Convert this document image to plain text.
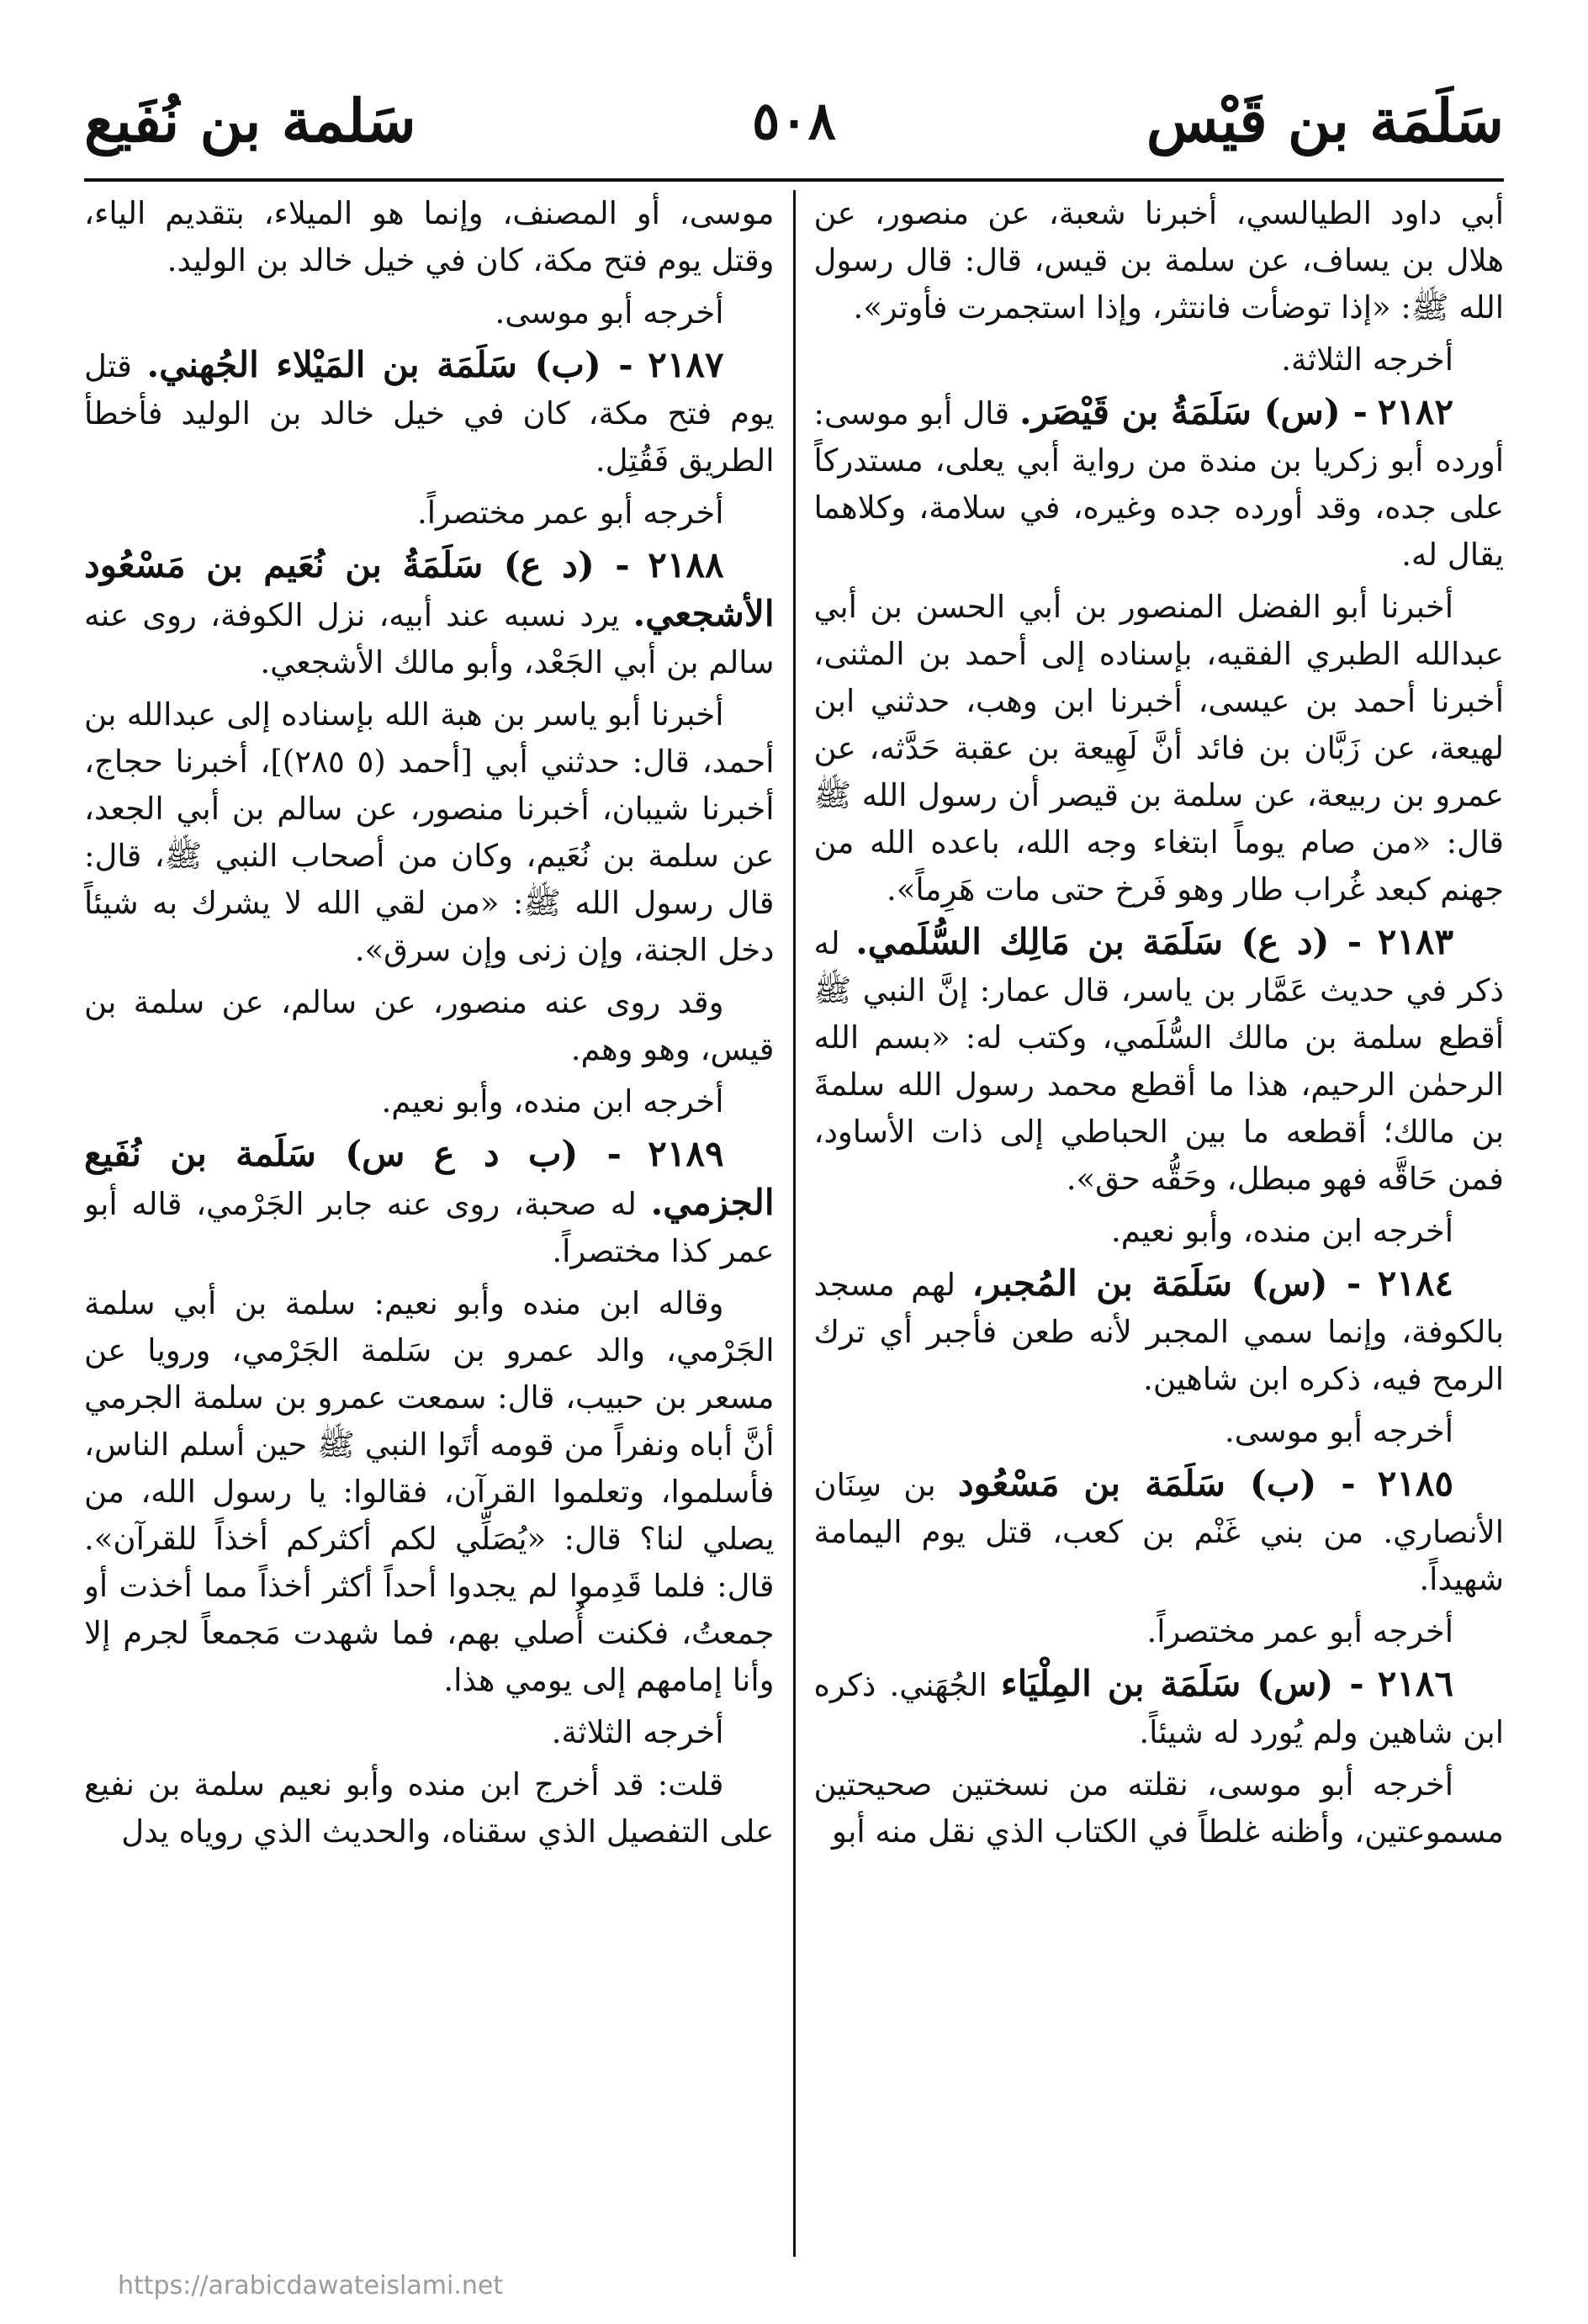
سَلَمَة بن قَيْس
٥٠٨
سَلمة بن نُفَيع

أبي داود الطيالسي، أخبرنا شعبة، عن منصور، عن هلال بن يساف، عن سلمة بن قيس، قال: قال رسول الله ﷺ: «إذا توضأت فانتثر، وإذا استجمرت فأوتر».

أخرجه الثلاثة.

٢١٨٢ - (س) سَلَمَةُ بن قَيْصَر. قال أبو موسى: أورده أبو زكريا بن مندة من رواية أبي يعلى، مستدركاً على جده، وقد أورده جده وغيره، في سلامة، وكلاهما يقال له.

أخبرنا أبو الفضل المنصور بن أبي الحسن بن أبي عبدالله الطبري الفقيه، بإسناده إلى أحمد بن المثنى، أخبرنا أحمد بن عيسى، أخبرنا ابن وهب، حدثني ابن لهيعة، عن زَبَّان بن فائد أنَّ لَهِيعة بن عقبة حَدَّثه، عن عمرو بن ربيعة، عن سلمة بن قيصر أن رسول الله ﷺ قال: «من صام يوماً ابتغاء وجه الله، باعده الله من جهنم كبعد غُراب طار وهو فَرخ حتى مات هَرِماً».

٢١٨٣ - (د ع) سَلَمَة بن مَالِك السُّلَمي. له ذكر في حديث عَمَّار بن ياسر، قال عمار: إنَّ النبي ﷺ أقطع سلمة بن مالك السُّلَمي، وكتب له: «بسم الله الرحمٰن الرحيم، هذا ما أقطع محمد رسول الله سلمةَ بن مالك؛ أقطعه ما بين الحباطي إلى ذات الأساود، فمن حَاقَّه فهو مبطل، وحَقُّه حق».

أخرجه ابن منده، وأبو نعيم.

٢١٨٤ - (س) سَلَمَة بن المُجبر، لهم مسجد بالكوفة، وإنما سمي المجبر لأنه طعن فأجبر أي ترك الرمح فيه، ذكره ابن شاهين.

أخرجه أبو موسى.

٢١٨٥ - (ب) سَلَمَة بن مَسْعُود بن سِنَان الأنصاري. من بني غَنْم بن كعب، قتل يوم اليمامة شهيداً.

أخرجه أبو عمر مختصراً.

٢١٨٦ - (س) سَلَمَة بن المِلْيَاء الجُهَني. ذكره ابن شاهين ولم يُورد له شيئاً.

أخرجه أبو موسى، نقلته من نسختين صحيحتين مسموعتين، وأظنه غلطاً في الكتاب الذي نقل منه أبو

موسى، أو المصنف، وإنما هو الميلاء، بتقديم الياء، وقتل يوم فتح مكة، كان في خيل خالد بن الوليد.

أخرجه أبو موسى.

٢١٨٧ - (ب) سَلَمَة بن المَيْلاء الجُهني. قتل يوم فتح مكة، كان في خيل خالد بن الوليد فأخطأ الطريق فَقُتِل.

أخرجه أبو عمر مختصراً.

٢١٨٨ - (د ع) سَلَمَةُ بن نُعَيم بن مَسْعُود الأشجعي. يرد نسبه عند أبيه، نزل الكوفة، روى عنه سالم بن أبي الجَعْد، وأبو مالك الأشجعي.

أخبرنا أبو ياسر بن هبة الله بإسناده إلى عبدالله بن أحمد، قال: حدثني أبي [أحمد (٥ ٢٨٥)]، أخبرنا حجاج، أخبرنا شيبان، أخبرنا منصور، عن سالم بن أبي الجعد، عن سلمة بن نُعَيم، وكان من أصحاب النبي ﷺ، قال: قال رسول الله ﷺ: «من لقي الله لا يشرك به شيئاً دخل الجنة، وإن زنى وإن سرق».

وقد روى عنه منصور، عن سالم، عن سلمة بن قيس، وهو وهم.

أخرجه ابن منده، وأبو نعيم.

٢١٨٩ - (ب د ع س) سَلَمة بن نُفَيع الجزمي. له صحبة، روى عنه جابر الجَرْمي، قاله أبو عمر كذا مختصراً.

وقاله ابن منده وأبو نعيم: سلمة بن أبي سلمة الجَرْمي، والد عمرو بن سَلمة الجَرْمي، ورويا عن مسعر بن حبيب، قال: سمعت عمرو بن سلمة الجرمي أنَّ أباه ونفراً من قومه أتَوا النبي ﷺ حين أسلم الناس، فأسلموا، وتعلموا القرآن، فقالوا: يا رسول الله، من يصلي لنا؟ قال: «يُصَلِّي لكم أكثركم أخذاً للقرآن». قال: فلما قَدِموا لم يجدوا أحداً أكثر أخذاً مما أخذت أو جمعتُ، فكنت أُصلي بهم، فما شهدت مَجمعاً لجرم إلا وأنا إمامهم إلى يومي هذا.

أخرجه الثلاثة.

قلت: قد أخرج ابن منده وأبو نعيم سلمة بن نفيع على التفصيل الذي سقناه، والحديث الذي روياه يدل

https://arabicdawateislami.net
